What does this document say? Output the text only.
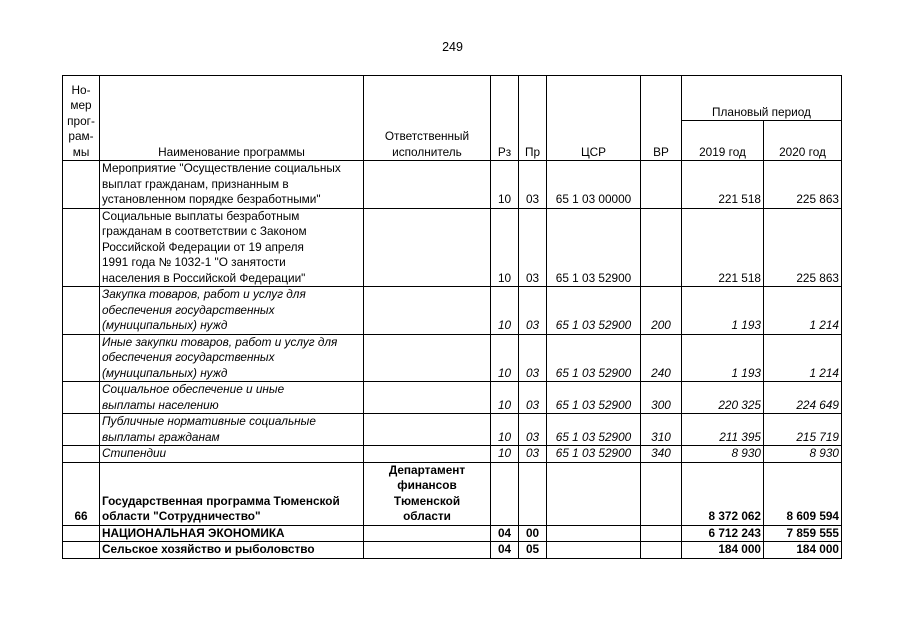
249
Но-
мер
прог-
рам-
мы	Наименование программы	Ответственный
исполнитель	Рз	Пр	ЦСР	ВР	Плановый период	
							2019 год	2020 год
	Мероприятие "Осуществление социальных
выплат гражданам, признанным в
установленном порядке безработными"		10	03	65 1 03 00000		221 518	225 863
	Социальные выплаты безработным
гражданам в соответствии с Законом
Российской Федерации от 19 апреля
1991 года № 1032-1 "О занятости
населения в Российской Федерации"		10	03	65 1 03 52900		221 518	225 863
	Закупка товаров, работ и услуг для
обеспечения государственных
(муниципальных) нужд		10	03	65 1 03 52900	200	1 193	1 214
	Иные закупки товаров, работ и услуг для
обеспечения государственных
(муниципальных) нужд		10	03	65 1 03 52900	240	1 193	1 214
	Социальное обеспечение и иные
выплаты населению		10	03	65 1 03 52900	300	220 325	224 649
	Публичные нормативные социальные
выплаты гражданам		10	03	65 1 03 52900	310	211 395	215 719
	Стипендии		10	03	65 1 03 52900	340	8 930	8 930
66	Государственная программа Тюменской
области "Сотрудничество"	Департамент
финансов
Тюменской
области					8 372 062	8 609 594
	НАЦИОНАЛЬНАЯ ЭКОНОМИКА		04	00			6 712 243	7 859 555
	Сельское хозяйство и рыболовство		04	05			184 000	184 000
